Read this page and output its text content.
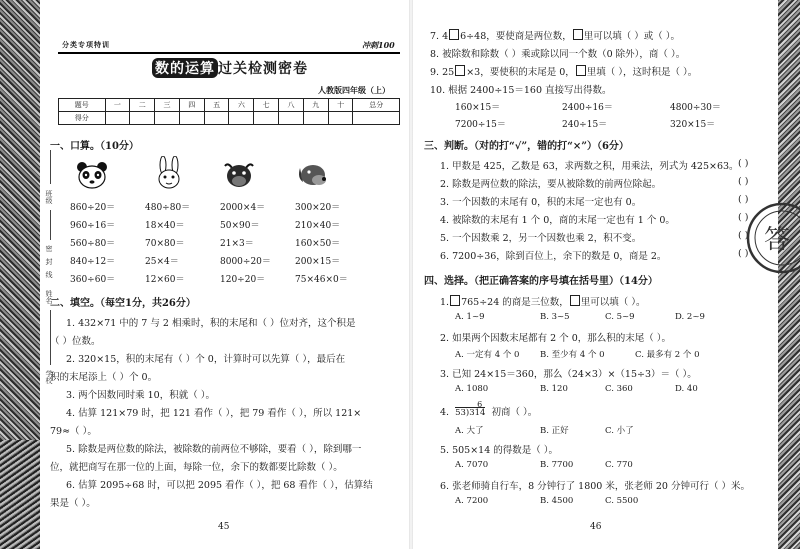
班级
密
封
线
姓名
学校
分类专项特训	冲刺100
数的运算 过关检测密卷
人教版四年级（上）
题号	一	二	三	四	五	六	七	八	九	十	总分
得分											
一、口算。（10分）
860÷20＝	480÷80＝	2000×4＝	300×20＝
960÷16＝	18×40＝	50×90＝	210×40＝
560÷80＝	70×80＝	21×3＝	160×50＝
840÷12＝	25×4＝	8000÷20＝	200×15＝
360÷60＝	12×60＝	120÷20＝	75×46×0＝
二、填空。（每空1分，共26分）
1. 432×71 中的 7 与 2 相乘时，积的末尾和（ ）位对齐，这个积是
（ ）位数。
2. 320×15，积的末尾有（ ）个 0，计算时可以先算（ ），最后在
积的末尾添上（ ）个 0。
3. 两个因数同时乘 10，积就（ ）。
4. 估算 121×79 时，把 121 看作（ ），把 79 看作（ ），所以 121×
79≈（ ）。
5. 除数是两位数的除法，被除数的前两位不够除，要看（ ），除到哪一
位，就把商写在那一位的上面，每除一位，余下的数都要比除数（ ）。
6. 估算 2095÷68 时，可以把 2095 看作（ ），把 68 看作（ ），估算结
果是（ ）。
45
7. 4 6÷48，要使商是两位数， 里可以填（ ）或（ ）。
8. 被除数和除数（ ）乘或除以同一个数（0 除外），商（ ）。
9. 25 ×3，要使积的末尾是 0， 里填（ ），这时积是（ ）。
10. 根据 2400÷15＝160 直接写出得数。
160×15＝	2400÷16＝	4800÷30＝
7200÷15＝	240÷15＝	320×15＝
三、判断。（对的打“√”，错的打“×”）（6分）
1. 甲数是 425，乙数是 63，求两数之积，用乘法，列式为 425×63。
2. 除数是两位数的除法，要从被除数的前两位除起。
3. 一个因数的末尾有 0，积的末尾一定也有 0。
4. 被除数的末尾有 1 个 0，商的末尾一定也有 1 个 0。
5. 一个因数乘 2，另一个因数也乘 2，积不变。
6. 7200÷36，除到百位上，余下的数是 0，商是 2。
( )
( )
( )
( )
( )
( ) 答
四、选择。（把正确答案的序号填在括号里）（14分）
1. 765÷24 的商是三位数， 里可以填（ ）。
A. 1~9	B. 3~5	C. 5~9	D. 2~9
2. 如果两个因数末尾都有 2 个 0，那么积的末尾（ ）。
A. 一定有 4 个 0 B. 至少有 4 个 0	C. 最多有 2 个 0
3. 已知 24×15＝360，那么（24×3）×（15÷3）＝（ ）。
A. 1080	B. 120	C. 360	D. 40
4. $\frac{6}{53)314}$ 初商（ ）。
A. 大了	B. 正好	C. 小了
5. 505×14 的得数是（ ）。
A. 7070	B. 7700	C. 770
6. 张老师骑自行车，8 分钟行了 1800 米，张老师 20 分钟可行（ ）米。
A. 7200	B. 4500	C. 5500
46
